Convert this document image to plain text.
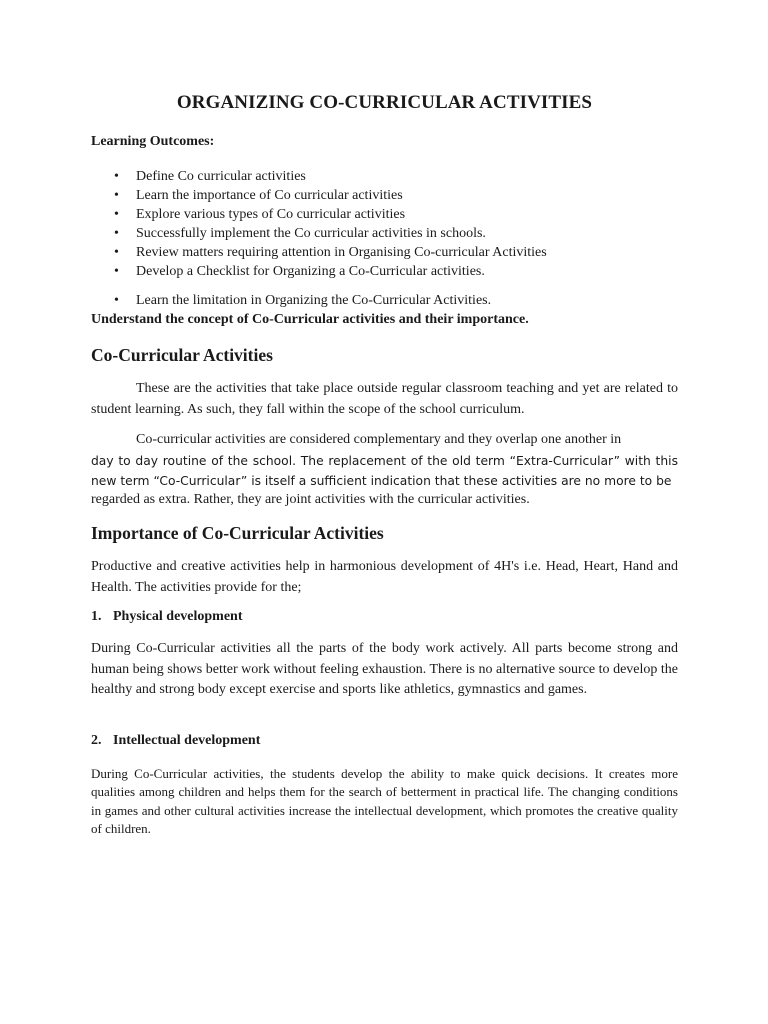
ORGANIZING CO-CURRICULAR ACTIVITIES
Learning Outcomes:
• Define Co curricular activities
• Learn the importance of Co curricular activities
• Explore various types of Co curricular activities
• Successfully implement the Co curricular activities in schools.
• Review matters requiring attention in Organising Co-curricular Activities
• Develop a Checklist for Organizing a Co-Curricular activities.
• Learn the limitation in Organizing the Co-Curricular Activities.
Understand the concept of Co-Curricular activities and their importance.
Co-Curricular Activities

These are the activities that take place outside regular classroom teaching and yet are related to student learning. As such, they fall within the scope of the school curriculum.

Co-curricular activities are considered complementary and they overlap one another in

day to day routine of the school. The replacement of the old term “Extra-Curricular” with this new term “Co-Curricular” is itself a sufficient indication that these activities are no more to be

regarded as extra. Rather, they are joint activities with the curricular activities.

Importance of Co-Curricular Activities

Productive and creative activities help in harmonious development of 4H's i.e. Head, Heart, Hand and Health. The activities provide for the;

1. Physical development

During Co-Curricular activities all the parts of the body work actively. All parts become strong and human being shows better work without feeling exhaustion. There is no alternative source to develop the healthy and strong body except exercise and sports like athletics, gymnastics and games.

2. Intellectual development

During Co-Curricular activities, the students develop the ability to make quick decisions. It creates more qualities among children and helps them for the search of betterment in practical life. The changing conditions in games and other cultural activities increase the intellectual development, which promotes the creative quality of children.
